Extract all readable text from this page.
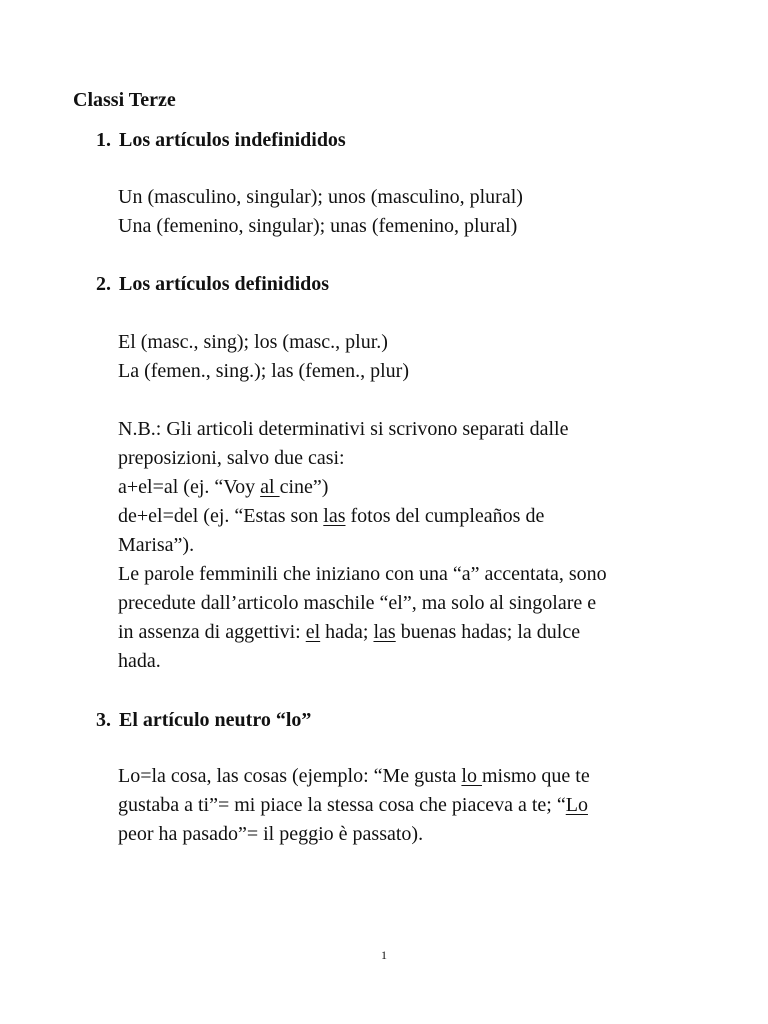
Classi Terze
1. Los artículos indefinididos
Un (masculino, singular); unos (masculino, plural)
Una (femenino, singular); unas (femenino, plural)
2. Los artículos definididos
El (masc., sing); los (masc., plur.)
La (femen., sing.); las (femen., plur)
N.B.: Gli articoli determinativi si scrivono separati dalle
preposizioni, salvo due casi:
a+el=al (ej. “Voy al cine”)
de+el=del (ej. “Estas son las fotos del cumpleaños de
Marisa”).
Le parole femminili che iniziano con una “a” accentata, sono
precedute dall’articolo maschile “el”, ma solo al singolare e
in assenza di aggettivi: el hada; las buenas hadas; la dulce
hada.
3. El artículo neutro “lo”
Lo=la cosa, las cosas (ejemplo: “Me gusta lo mismo que te
gustaba a ti”= mi piace la stessa cosa che piaceva a te; “Lo
peor ha pasado”= il peggio è passato).
1
